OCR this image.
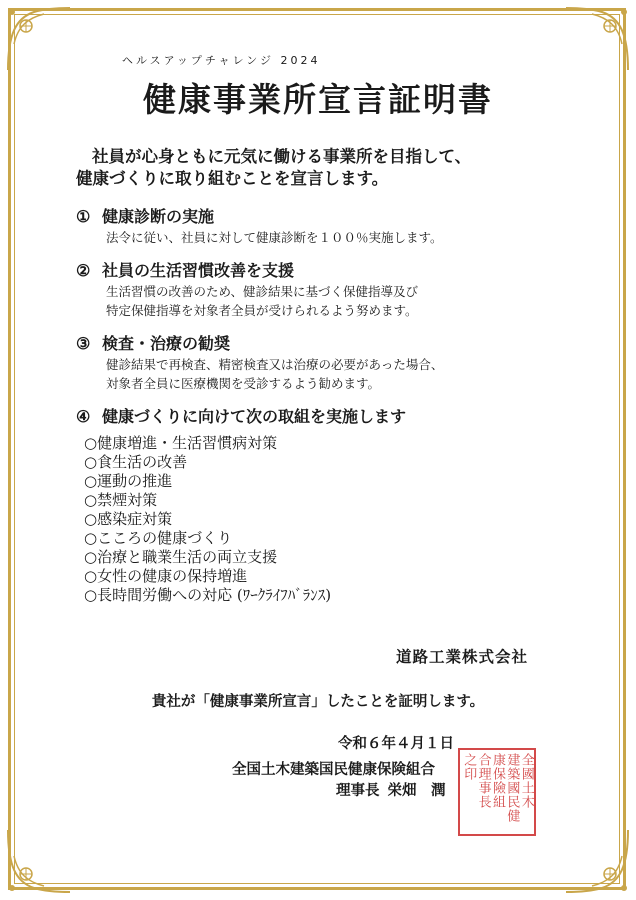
ヘルスアップチャレンジ 2024
健康事業所宣言証明書
社員が心身ともに元気に働ける事業所を目指して、
健康づくりに取り組むことを宣言します。
① 健康診断の実施
法令に従い、社員に対して健康診断を１００％実施します。
② 社員の生活習慣改善を支援
生活習慣の改善のため、健診結果に基づく保健指導及び
特定保健指導を対象者全員が受けられるよう努めます。
③ 検査・治療の勧奨
健診結果で再検査、精密検査又は治療の必要があった場合、
対象者全員に医療機関を受診するよう勧めます。
④ 健康づくりに向けて次の取組を実施します
○健康増進・生活習慣病対策
○食生活の改善
○運動の推進
○禁煙対策
○感染症対策
○こころの健康づくり
○治療と職業生活の両立支援
○女性の健康の保持増進
○長時間労働への対応 (ﾜｰｸﾗｲﾌﾊﾞﾗﾝｽ)
道路工業株式会社
貴社が「健康事業所宣言」したことを証明します。
令和６年４月１日
全国土木建築国民健康保険組合
理事長 栄畑　潤	全國土木
建築國民健
康保險組
合理事長
之印
